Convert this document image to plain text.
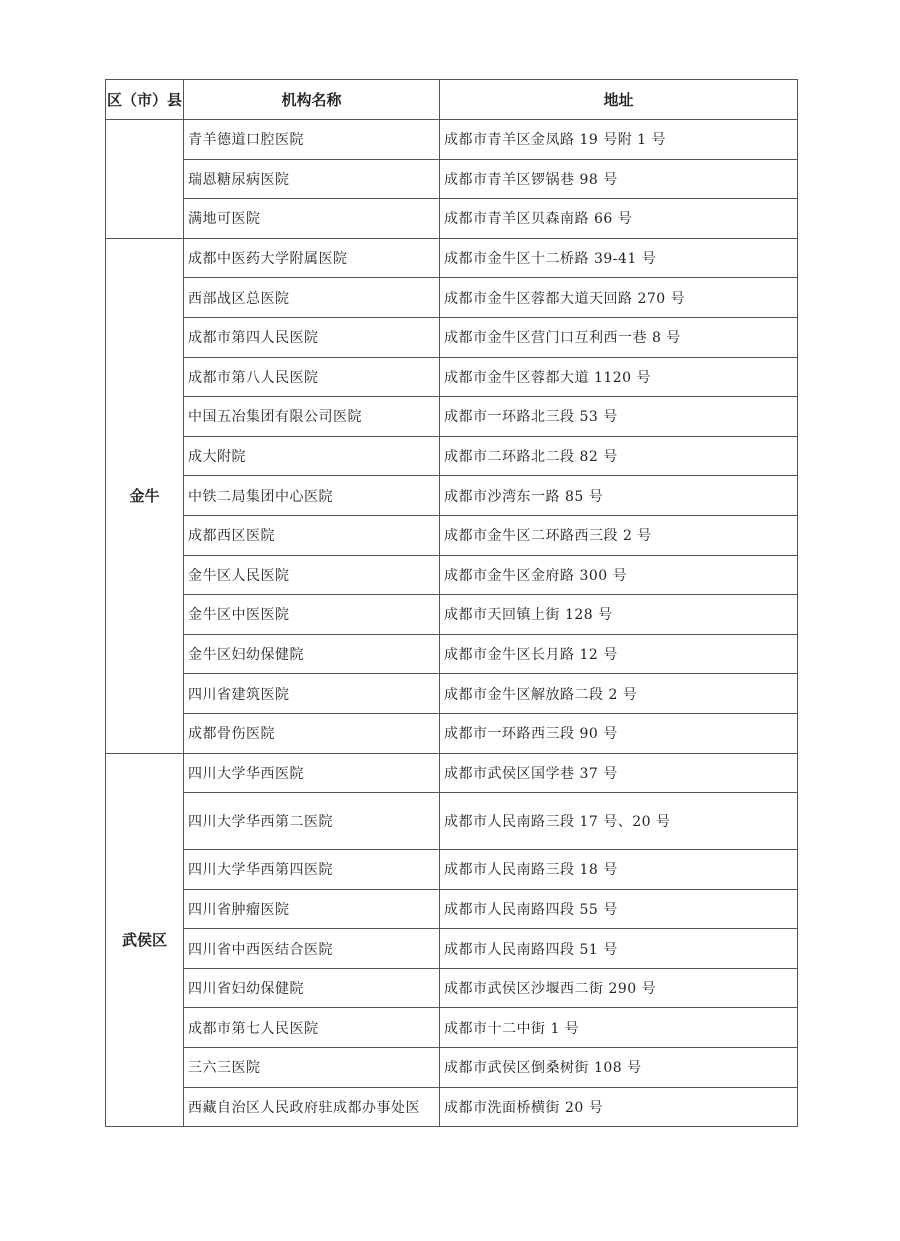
区（市）县	机构名称	地址
	青羊德道口腔医院	成都市青羊区金凤路 19 号附 1 号
	瑞恩糖尿病医院	成都市青羊区锣锅巷 98 号
	满地可医院	成都市青羊区贝森南路 66 号
金牛	成都中医药大学附属医院	成都市金牛区十二桥路 39-41 号
	西部战区总医院	成都市金牛区蓉都大道天回路 270 号
	成都市第四人民医院	成都市金牛区营门口互利西一巷 8 号
	成都市第八人民医院	成都市金牛区蓉都大道 1120 号
	中国五冶集团有限公司医院	成都市一环路北三段 53 号
	成大附院	成都市二环路北二段 82 号
	中铁二局集团中心医院	成都市沙湾东一路 85 号
	成都西区医院	成都市金牛区二环路西三段 2 号
	金牛区人民医院	成都市金牛区金府路 300 号
	金牛区中医医院	成都市天回镇上街 128 号
	金牛区妇幼保健院	成都市金牛区长月路 12 号
	四川省建筑医院	成都市金牛区解放路二段 2 号
	成都骨伤医院	成都市一环路西三段 90 号
武侯区	四川大学华西医院	成都市武侯区国学巷 37 号
	四川大学华西第二医院	成都市人民南路三段 17 号、20 号
	四川大学华西第四医院	成都市人民南路三段 18 号
	四川省肿瘤医院	成都市人民南路四段 55 号
	四川省中西医结合医院	成都市人民南路四段 51 号
	四川省妇幼保健院	成都市武侯区沙堰西二街 290 号
	成都市第七人民医院	成都市十二中街 1 号
	三六三医院	成都市武侯区倒桑树街 108 号
	西藏自治区人民政府驻成都办事处医	成都市洗面桥横街 20 号
